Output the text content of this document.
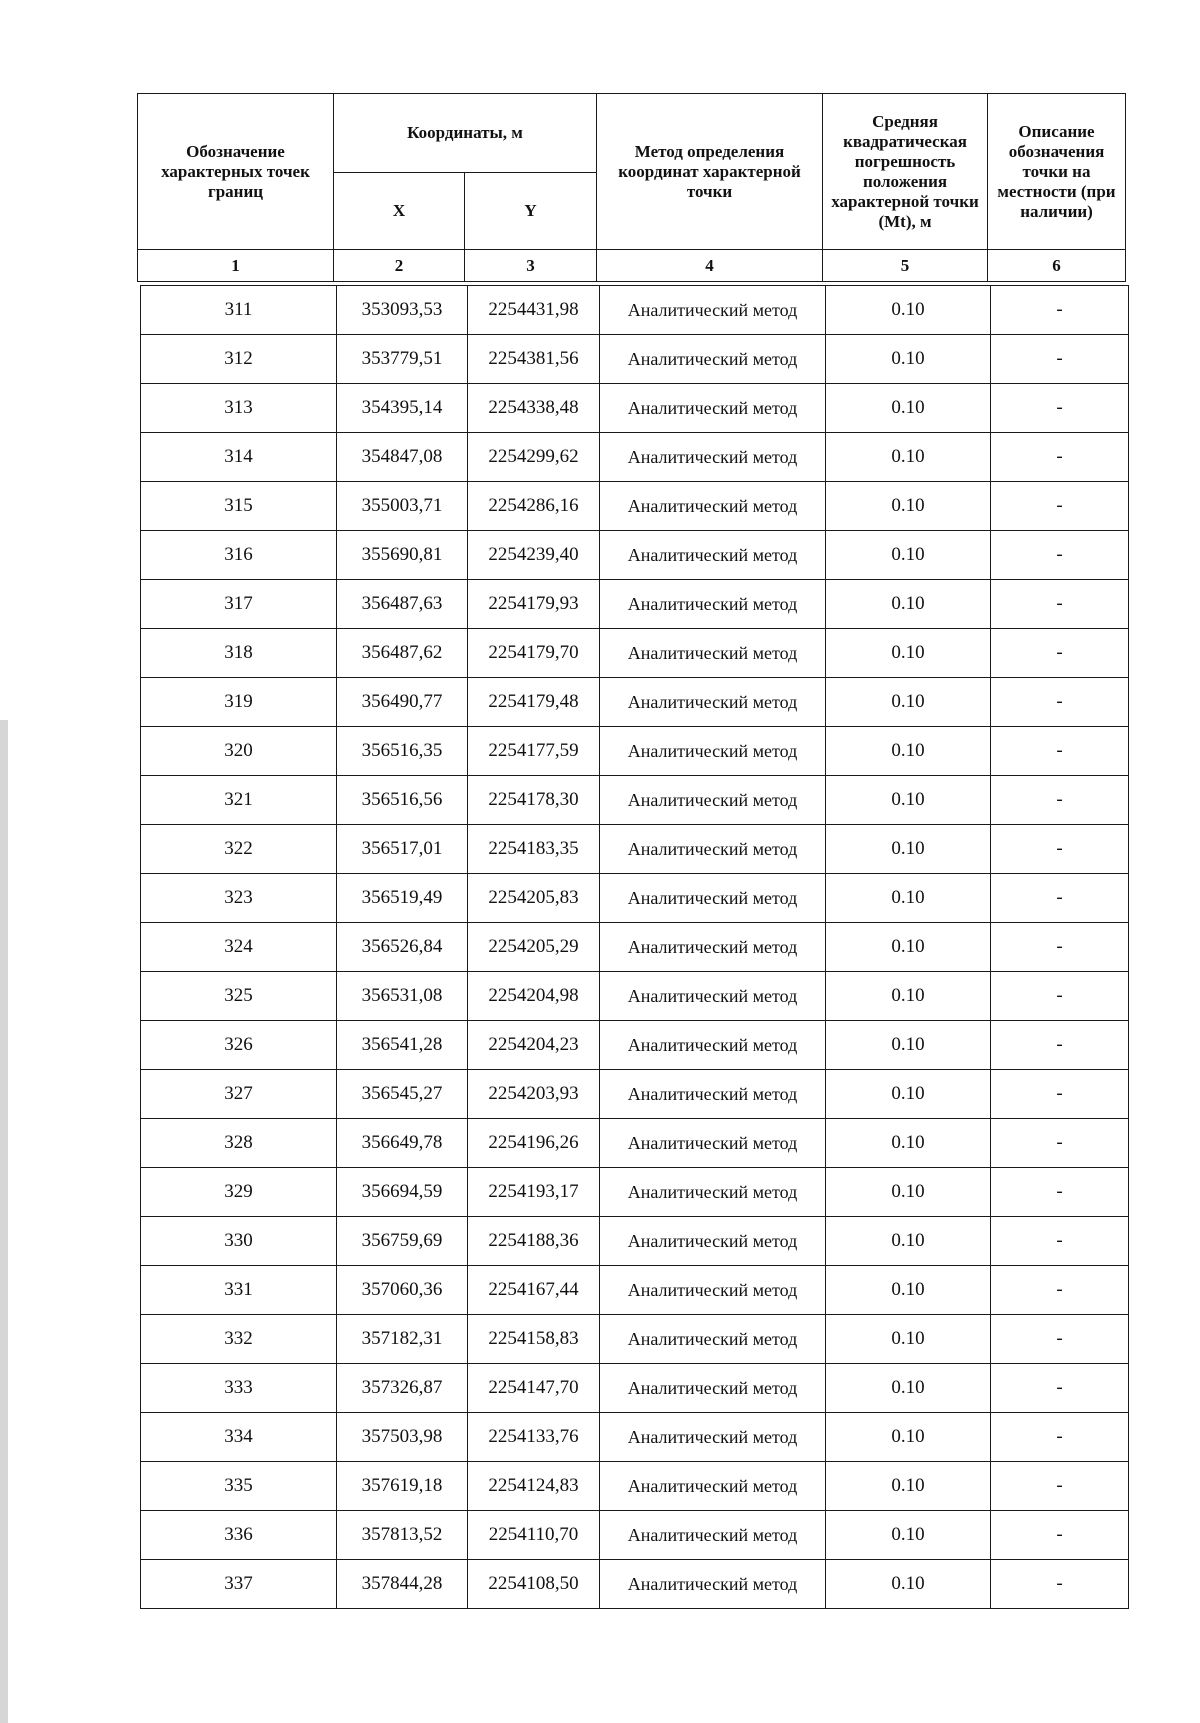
Обозначение характерных точек границ	Координаты, м		Метод определения координат характерной точки	Средняя квадратическая погрешность положения характерной точки (Mt), м	Описание обозначения точки на местности (при наличии)
	X	Y			
1	2	3	4	5	6
311	353093,53	2254431,98	Аналитический метод	0.10	-
312	353779,51	2254381,56	Аналитический метод	0.10	-
313	354395,14	2254338,48	Аналитический метод	0.10	-
314	354847,08	2254299,62	Аналитический метод	0.10	-
315	355003,71	2254286,16	Аналитический метод	0.10	-
316	355690,81	2254239,40	Аналитический метод	0.10	-
317	356487,63	2254179,93	Аналитический метод	0.10	-
318	356487,62	2254179,70	Аналитический метод	0.10	-
319	356490,77	2254179,48	Аналитический метод	0.10	-
320	356516,35	2254177,59	Аналитический метод	0.10	-
321	356516,56	2254178,30	Аналитический метод	0.10	-
322	356517,01	2254183,35	Аналитический метод	0.10	-
323	356519,49	2254205,83	Аналитический метод	0.10	-
324	356526,84	2254205,29	Аналитический метод	0.10	-
325	356531,08	2254204,98	Аналитический метод	0.10	-
326	356541,28	2254204,23	Аналитический метод	0.10	-
327	356545,27	2254203,93	Аналитический метод	0.10	-
328	356649,78	2254196,26	Аналитический метод	0.10	-
329	356694,59	2254193,17	Аналитический метод	0.10	-
330	356759,69	2254188,36	Аналитический метод	0.10	-
331	357060,36	2254167,44	Аналитический метод	0.10	-
332	357182,31	2254158,83	Аналитический метод	0.10	-
333	357326,87	2254147,70	Аналитический метод	0.10	-
334	357503,98	2254133,76	Аналитический метод	0.10	-
335	357619,18	2254124,83	Аналитический метод	0.10	-
336	357813,52	2254110,70	Аналитический метод	0.10	-
337	357844,28	2254108,50	Аналитический метод	0.10	-
